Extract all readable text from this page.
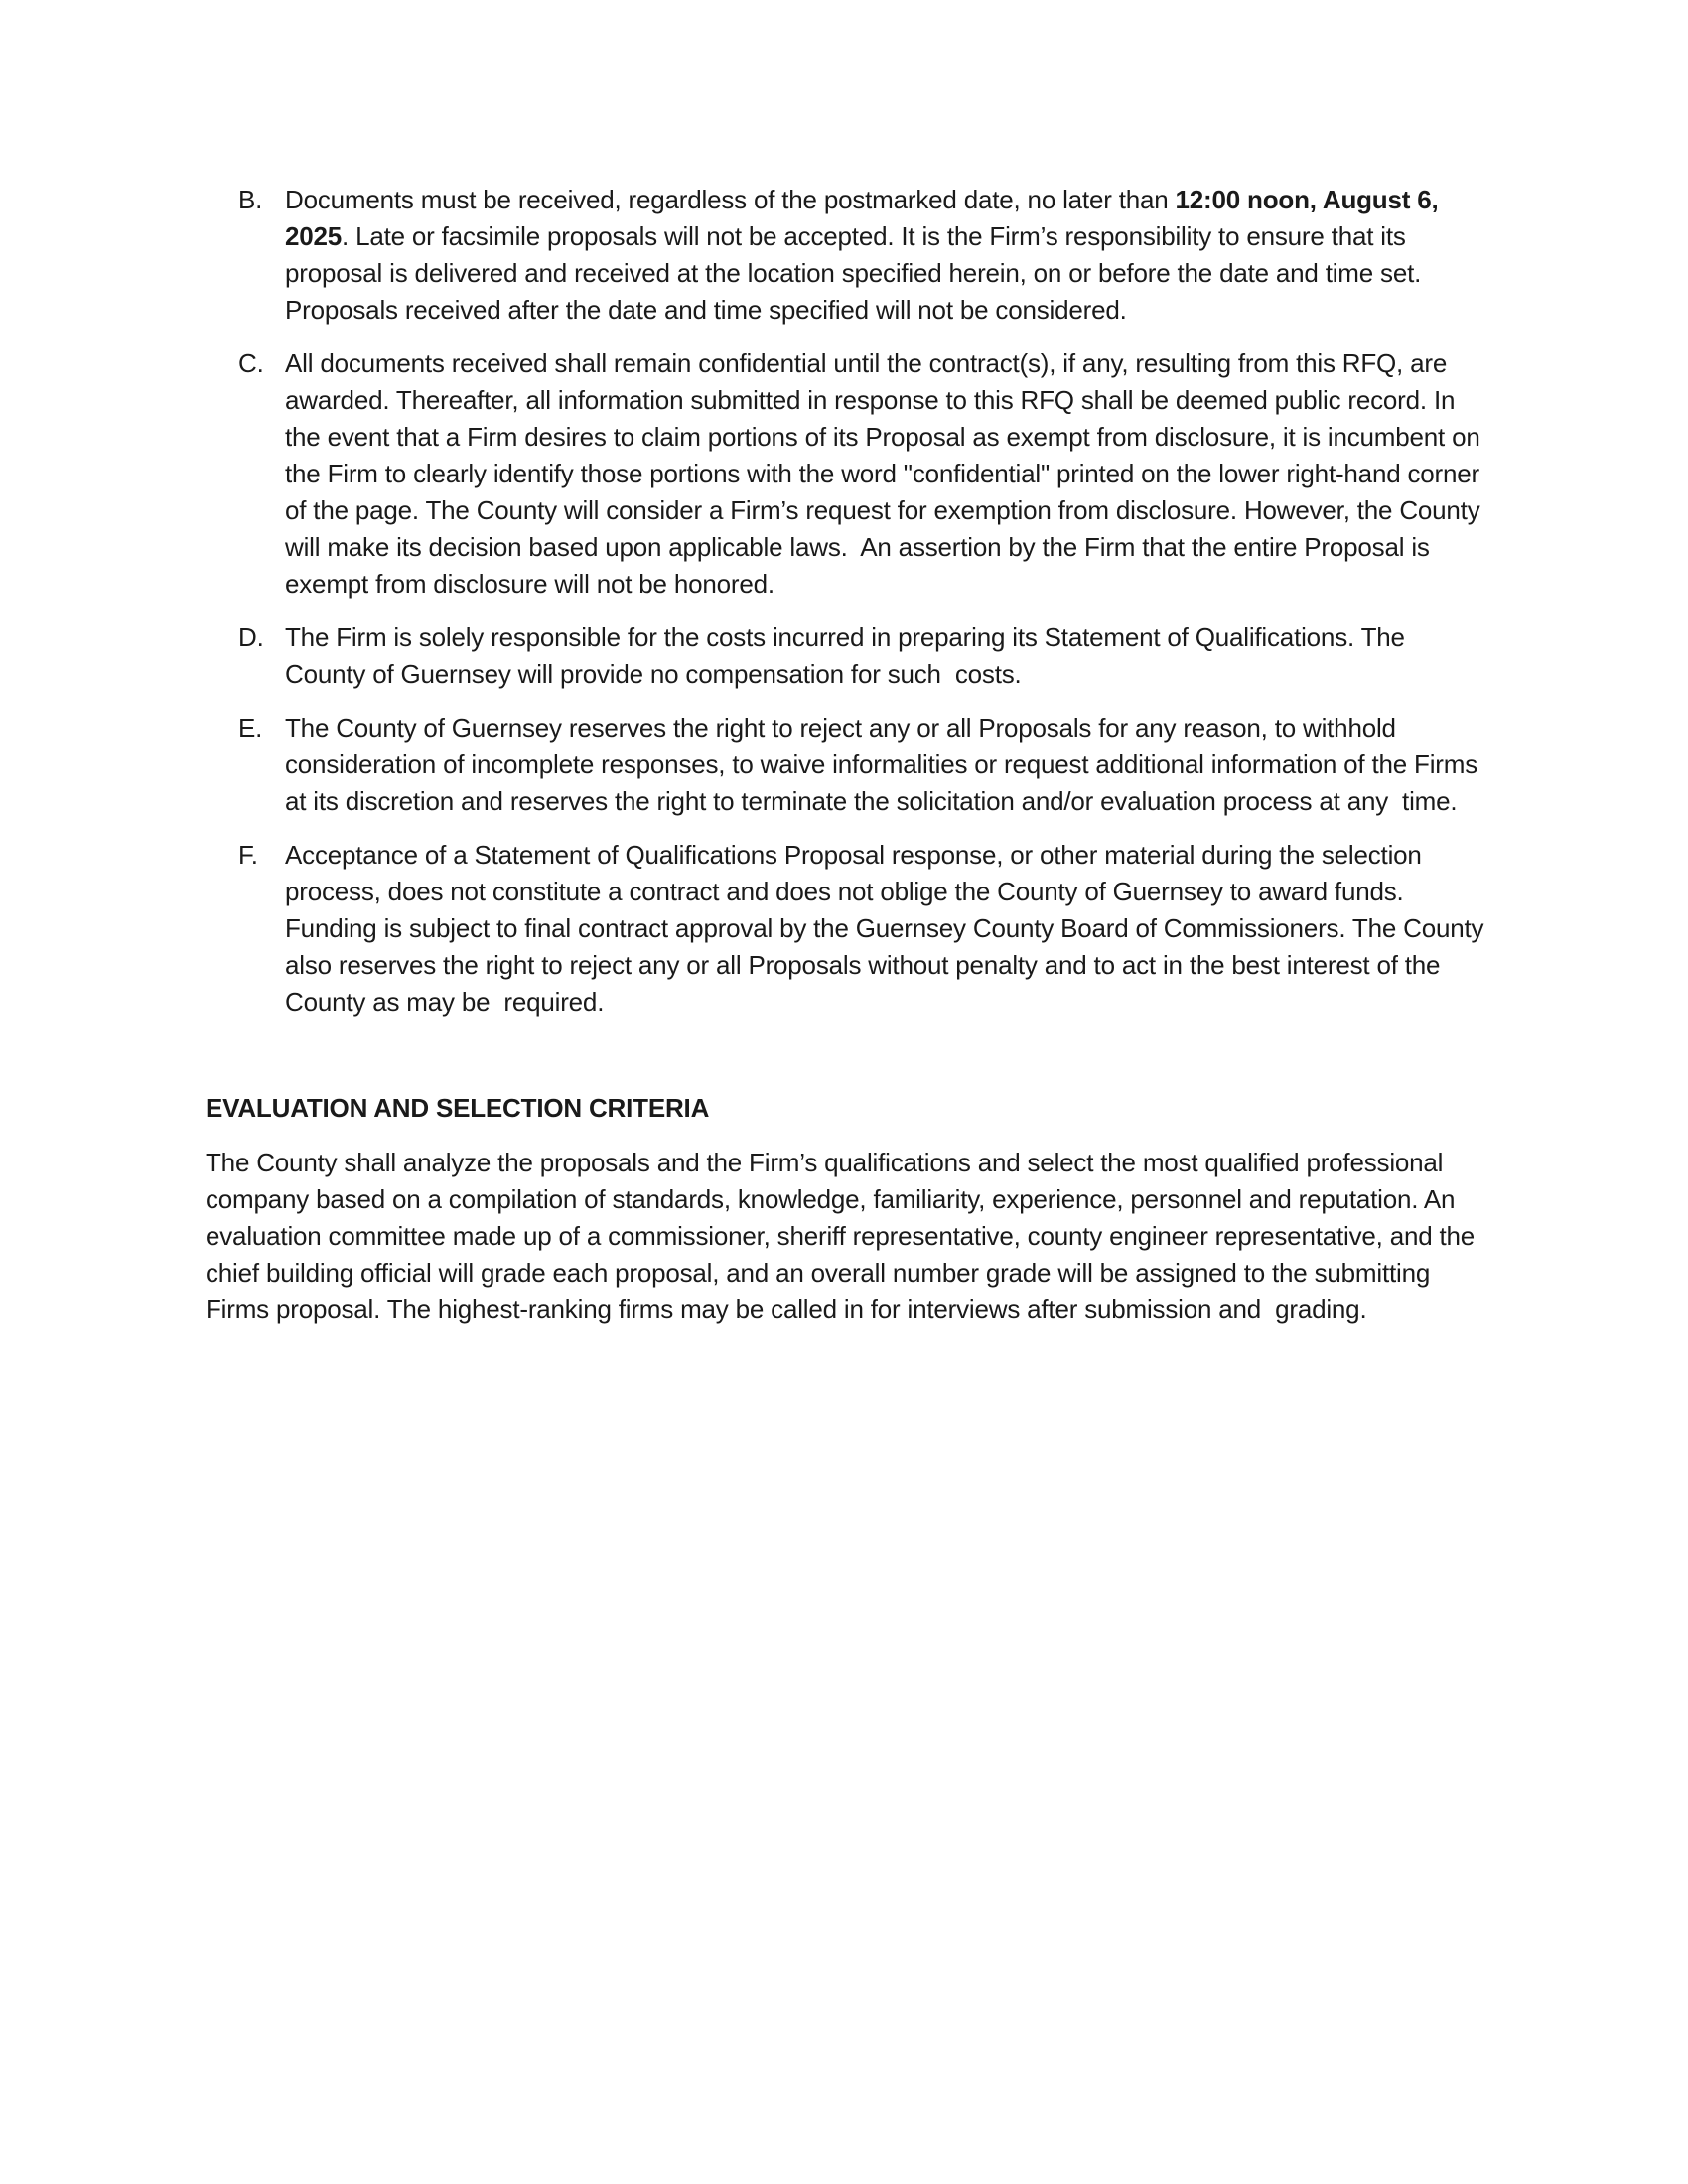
B. Documents must be received, regardless of the postmarked date, no later than 12:00 noon, August 6, 2025. Late or facsimile proposals will not be accepted. It is the Firm’s responsibility to ensure that its proposal is delivered and received at the location specified herein, on or before the date and time set. Proposals received after the date and time specified will not be considered.
C. All documents received shall remain confidential until the contract(s), if any, resulting from this RFQ, are awarded. Thereafter, all information submitted in response to this RFQ shall be deemed public record. In the event that a Firm desires to claim portions of its Proposal as exempt from disclosure, it is incumbent on the Firm to clearly identify those portions with the word "confidential" printed on the lower right-hand corner of the page. The County will consider a Firm’s request for exemption from disclosure. However, the County will make its decision based upon applicable laws.  An assertion by the Firm that the entire Proposal is exempt from disclosure will not be honored.
D. The Firm is solely responsible for the costs incurred in preparing its Statement of Qualifications. The County of Guernsey will provide no compensation for such  costs.
E. The County of Guernsey reserves the right to reject any or all Proposals for any reason, to withhold consideration of incomplete responses, to waive informalities or request additional information of the Firms at its discretion and reserves the right to terminate the solicitation and/or evaluation process at any  time.
F.	Acceptance of a Statement of Qualifications Proposal response, or other material during the selection process, does not constitute a contract and does not oblige the County of Guernsey to award funds. Funding is subject to final contract approval by the Guernsey County Board of Commissioners. The County also reserves the right to reject any or all Proposals without penalty and to act in the best interest of the County as may be  required.
EVALUATION AND SELECTION CRITERIA
The County shall analyze the proposals and the Firm’s qualifications and select the most qualified professional company based on a compilation of standards, knowledge, familiarity, experience, personnel and reputation. An evaluation committee made up of a commissioner, sheriff representative, county engineer representative, and the chief building official will grade each proposal, and an overall number grade will be assigned to the submitting Firms proposal. The highest-ranking firms may be called in for interviews after submission and  grading.
